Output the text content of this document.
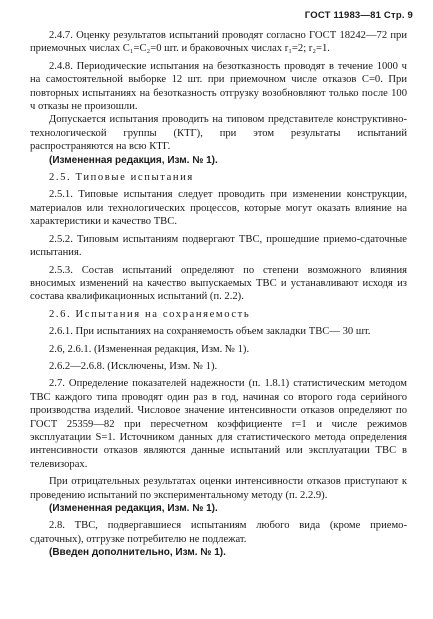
ГОСТ 11983—81 Стр. 9

2.4.7. Оценку результатов испытаний проводят согласно ГОСТ 18242—72 при приемочных числах C₁=C₂=0 шт. и браковочных числах r₁=2; r₂=1.

2.4.8. Периодические испытания на безотказность проводят в течение 1000 ч на самостоятельной выборке 12 шт. при приемочном числе отказов C=0. При повторных испытаниях на безотказность отгрузку возобновляют только после 100 ч отказы не произошли.

Допускается испытания проводить на типовом представителе конструктивно-технологической группы (КТГ), при этом результаты испытаний распространяются на всю КТГ.

(Измененная редакция, Изм. № 1).

2.5. Типовые испытания

2.5.1. Типовые испытания следует проводить при изменении конструкции, материалов или технологических процессов, которые могут оказать влияние на характеристики и качество ТВС.

2.5.2. Типовым испытаниям подвергают ТВС, прошедшие приемо-сдаточные испытания.

2.5.3. Состав испытаний определяют по степени возможного влияния вносимых изменений на качество выпускаемых ТВС и устанавливают исходя из состава квалификационных испытаний (п. 2.2).

2.6. Испытания на сохраняемость

2.6.1. При испытаниях на сохраняемость объем закладки ТВС— 30 шт.

2.6, 2.6.1. (Измененная редакция, Изм. № 1).

2.6.2—2.6.8. (Исключены, Изм. № 1).

2.7. Определение показателей надежности (п. 1.8.1) статистическим методом ТВС каждого типа проводят один раз в год, начиная со второго года серийного производства изделий. Числовое значение интенсивности отказов определяют по ГОСТ 25359—82 при пересчетном коэффициенте r=1 и числе режимов эксплуатации S=1. Источником данных для статистического метода определения интенсивности отказов являются данные испытаний или эксплуатации ТВС в телевизорах.

При отрицательных результатах оценки интенсивности отказов приступают к проведению испытаний по экспериментальному методу (п. 2.2.9).

(Измененная редакция, Изм. № 1).

2.8. ТВС, подвергавшиеся испытаниям любого вида (кроме приемо-сдаточных), отгрузке потребителю не подлежат.

(Введен дополнительно, Изм. № 1).
